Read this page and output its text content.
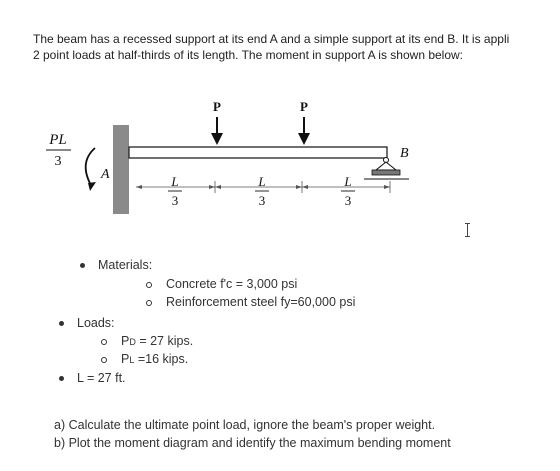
The beam has a recessed support at its end A and a simple support at its end B. It is appli
2 point loads at half-thirds of its length. The moment in support A is shown below:
PL
3
A
P	P
B
L
3
L
3
L
3
Materials:
Concrete f'c = 3,000 psi
Reinforcement steel fy=60,000 psi
Loads:
PD = 27 kips.
PL =16 kips.
L = 27 ft.
a) Calculate the ultimate point load, ignore the beam's proper weight.
b) Plot the moment diagram and identify the maximum bending moment
